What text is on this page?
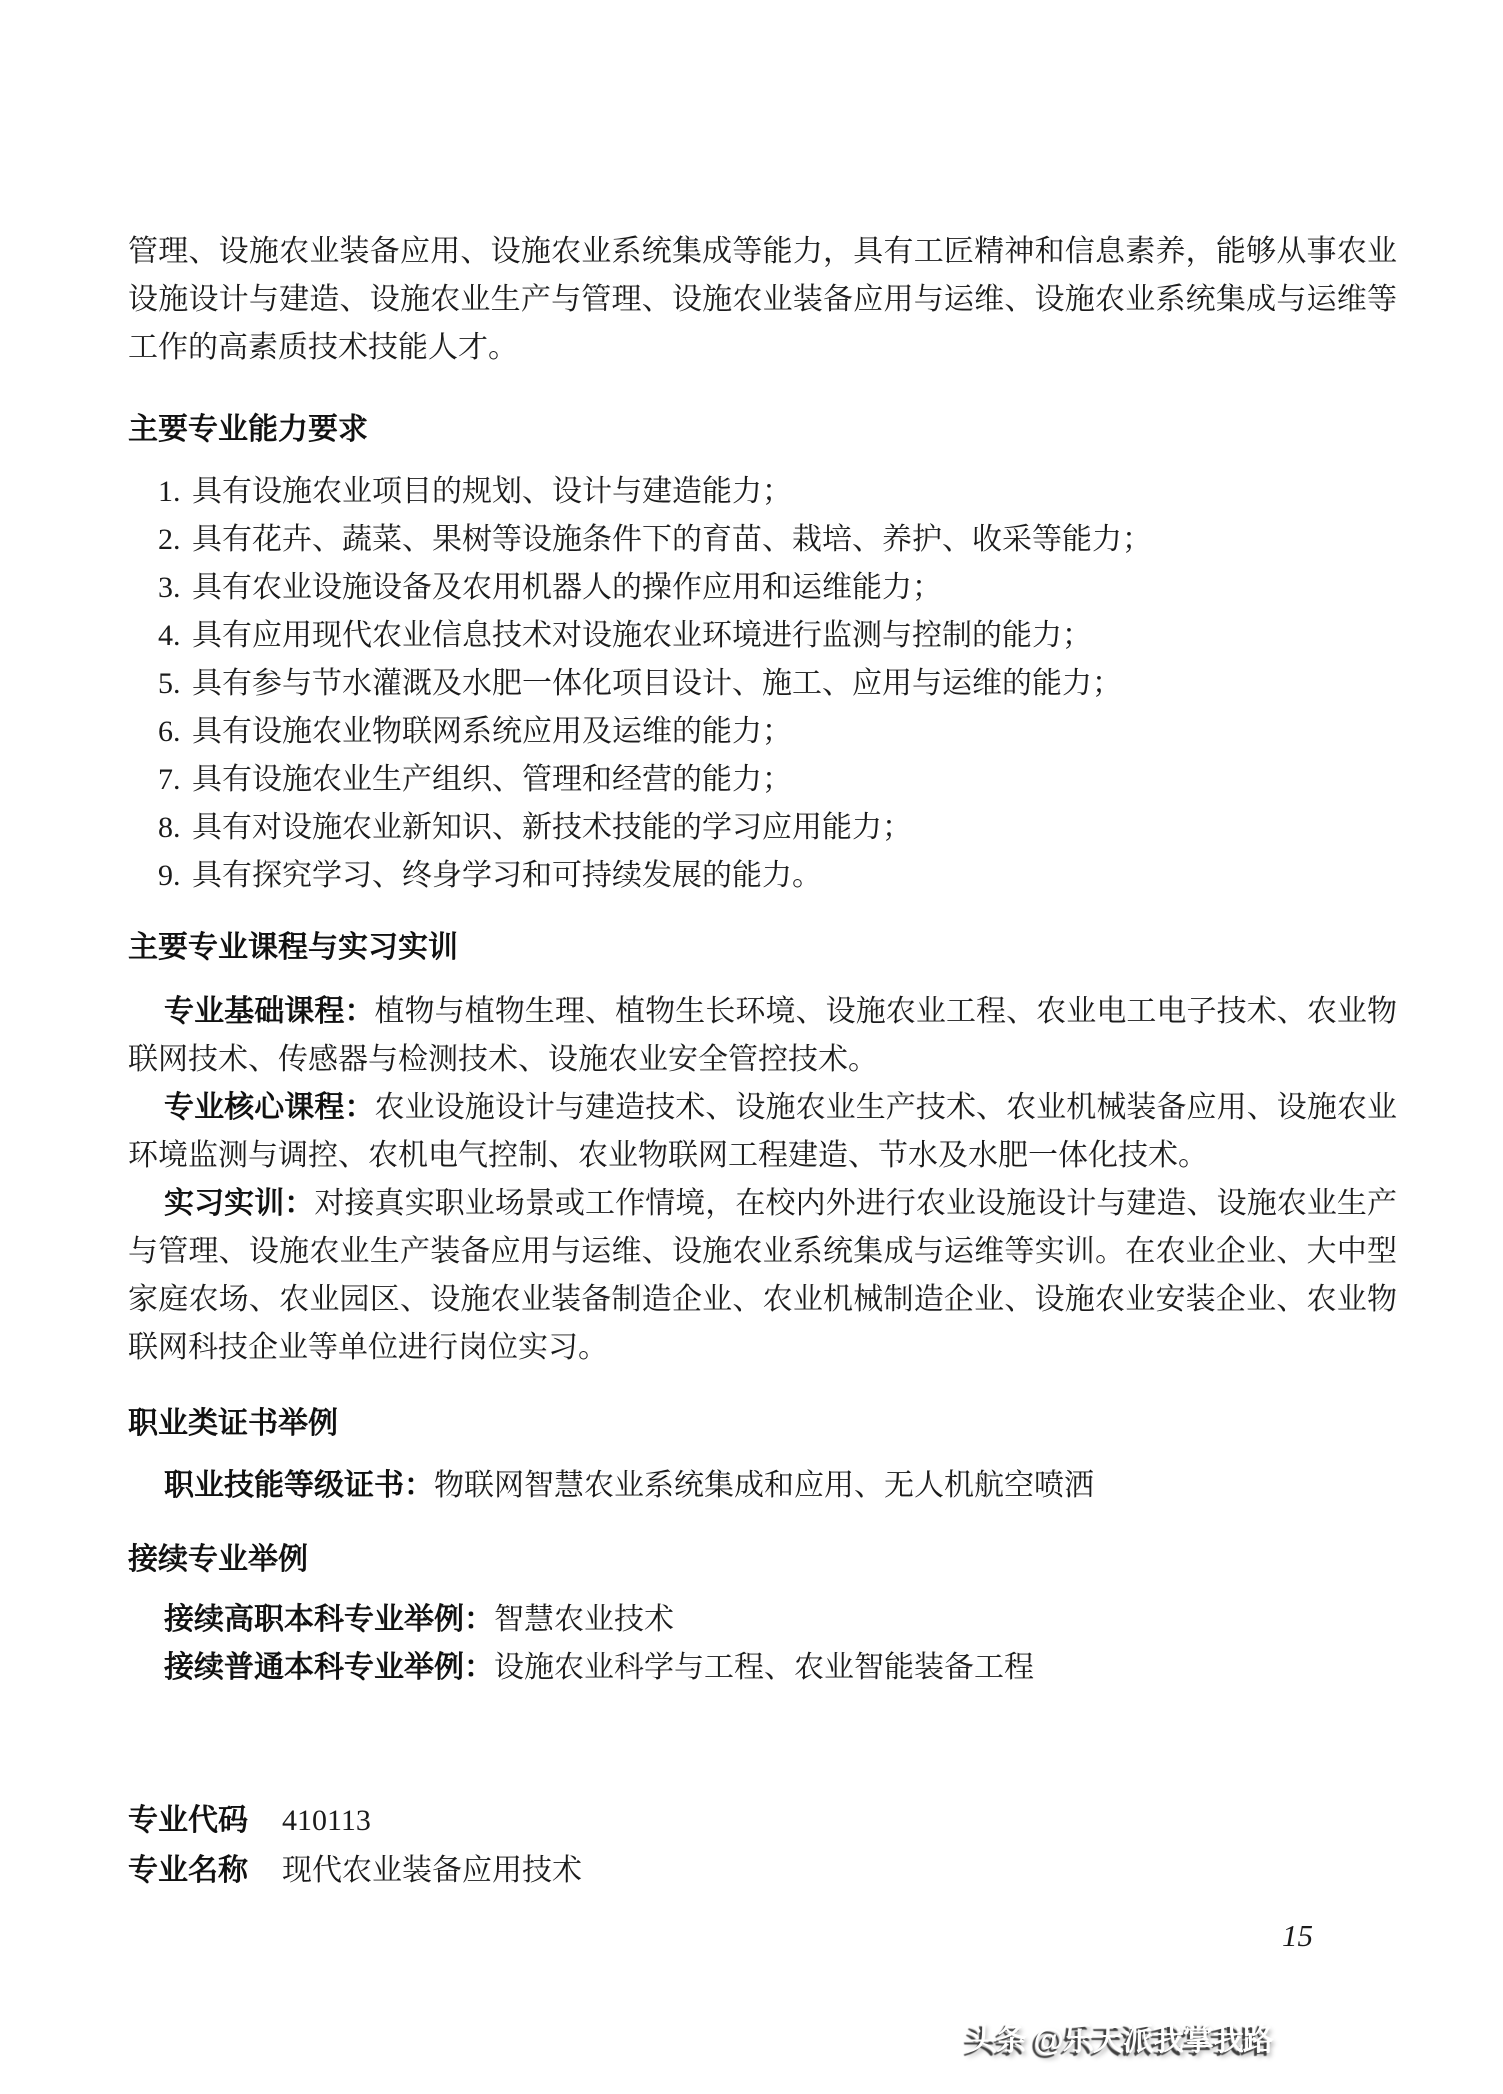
管理、设施农业装备应用、设施农业系统集成等能力，具有工匠精神和信息素养，能够从事农业设施设计与建造、设施农业生产与管理、设施农业装备应用与运维、设施农业系统集成与运维等工作的高素质技术技能人才。

主要专业能力要求
1. 具有设施农业项目的规划、设计与建造能力；
2. 具有花卉、蔬菜、果树等设施条件下的育苗、栽培、养护、收采等能力；
3. 具有农业设施设备及农用机器人的操作应用和运维能力；
4. 具有应用现代农业信息技术对设施农业环境进行监测与控制的能力；
5. 具有参与节水灌溉及水肥一体化项目设计、施工、应用与运维的能力；
6. 具有设施农业物联网系统应用及运维的能力；
7. 具有设施农业生产组织、管理和经营的能力；
8. 具有对设施农业新知识、新技术技能的学习应用能力；
9. 具有探究学习、终身学习和可持续发展的能力。
主要专业课程与实习实训

专业基础课程：植物与植物生理、植物生长环境、设施农业工程、农业电工电子技术、农业物联网技术、传感器与检测技术、设施农业安全管控技术。

专业核心课程：农业设施设计与建造技术、设施农业生产技术、农业机械装备应用、设施农业环境监测与调控、农机电气控制、农业物联网工程建造、节水及水肥一体化技术。

实习实训：对接真实职业场景或工作情境，在校内外进行农业设施设计与建造、设施农业生产与管理、设施农业生产装备应用与运维、设施农业系统集成与运维等实训。在农业企业、大中型家庭农场、农业园区、设施农业装备制造企业、农业机械制造企业、设施农业安装企业、农业物联网科技企业等单位进行岗位实习。

职业类证书举例

职业技能等级证书：物联网智慧农业系统集成和应用、无人机航空喷洒

接续专业举例

接续高职本科专业举例：智慧农业技术

接续普通本科专业举例：设施农业科学与工程、农业智能装备工程

专业代码 410113
专业名称 现代农业装备应用技术
15
头条 @乐天派我掌我路
